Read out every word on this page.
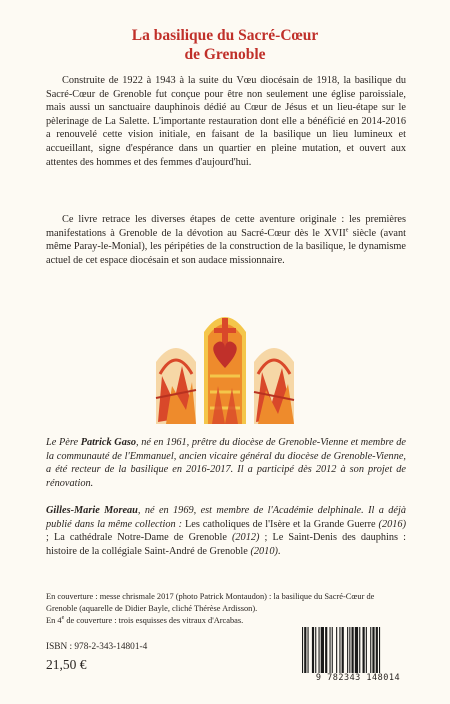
La basilique du Sacré-Cœur
de Grenoble

Construite de 1922 à 1943 à la suite du Vœu diocésain de 1918, la basilique du Sacré-Cœur de Grenoble fut conçue pour être non seulement une église paroissiale, mais aussi un sanctuaire dauphinois dédié au Cœur de Jésus et un lieu-étape sur le pèlerinage de La Salette. L'importante restauration dont elle a bénéficié en 2014-2016 a renouvelé cette vision initiale, en faisant de la basilique un lieu lumineux et accueillant, signe d'espérance dans un quartier en pleine mutation, et ouvert aux attentes des hommes et des femmes d'aujourd'hui.

Ce livre retrace les diverses étapes de cette aventure originale : les premières manifestations à Grenoble de la dévotion au Sacré-Cœur dès le XVIIe siècle (avant même Paray-le-Monial), les péripéties de la construction de la basilique, le dynamisme actuel de cet espace diocésain et son audace missionnaire.

Le Père Patrick Gaso, né en 1961, prêtre du diocèse de Grenoble-Vienne et membre de la communauté de l'Emmanuel, ancien vicaire général du diocèse de Grenoble-Vienne, a été recteur de la basilique en 2016-2017. Il a participé dès 2012 à son projet de rénovation.

Gilles-Marie Moreau, né en 1969, est membre de l'Académie delphinale. Il a déjà publié dans la même collection : Les catholiques de l'Isère et la Grande Guerre (2016) ; La cathédrale Notre-Dame de Grenoble (2012) ; Le Saint-Denis des dauphins : histoire de la collégiale Saint-André de Grenoble (2010).

En couverture : messe chrismale 2017 (photo Patrick Montaudon) : la basilique du Sacré-Cœur de Grenoble (aquarelle de Didier Bayle, cliché Thérèse Ardisson).
En 4e de couverture : trois esquisses des vitraux d'Arcabas.
ISBN : 978-2-343-14801-4
21,50 €
9 782343 148014
